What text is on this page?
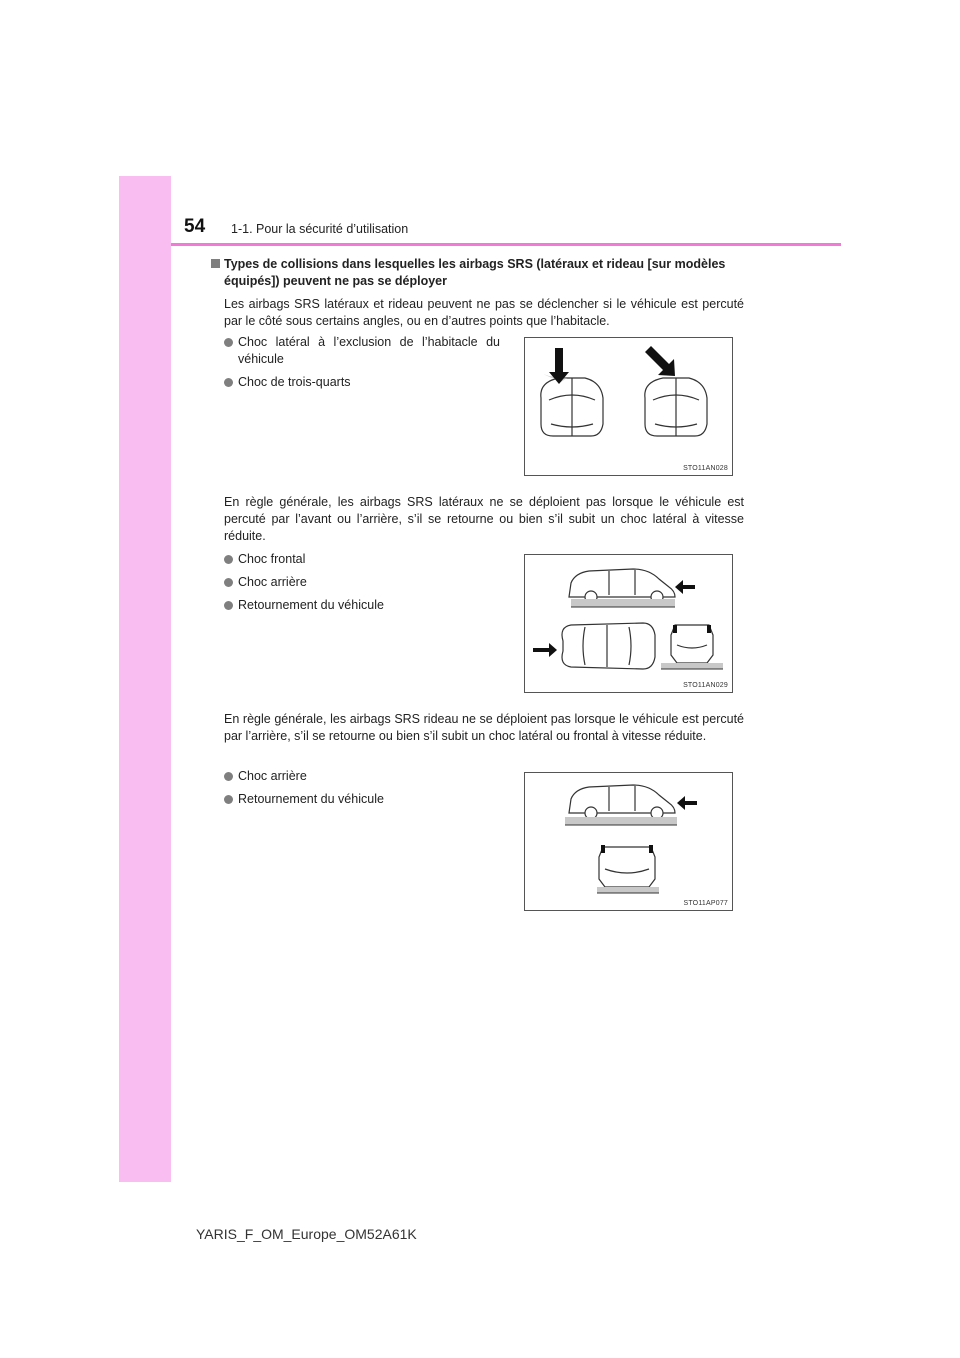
54 1-1. Pour la sécurité d’utilisation
Types de collisions dans lesquelles les airbags SRS (latéraux et rideau [sur modèles équipés]) peuvent ne pas se déployer
Les airbags SRS latéraux et rideau peuvent ne pas se déclencher si le véhicule est percuté par le côté sous certains angles, ou en d’autres points que l’habitacle.
Choc latéral à l’exclusion de l’habitacle du véhicule
Choc de trois-quarts
STO11AN028
En règle générale, les airbags SRS latéraux ne se déploient pas lorsque le véhicule est percuté par l’avant ou l’arrière, s’il se retourne ou bien s’il subit un choc latéral à vitesse réduite.
Choc frontal
Choc arrière
Retournement du véhicule
STO11AN029
En règle générale, les airbags SRS rideau ne se déploient pas lorsque le véhicule est percuté par l’arrière, s’il se retourne ou bien s’il subit un choc latéral ou frontal à vitesse réduite.
Choc arrière
Retournement du véhicule
STO11AP077
YARIS_F_OM_Europe_OM52A61K
